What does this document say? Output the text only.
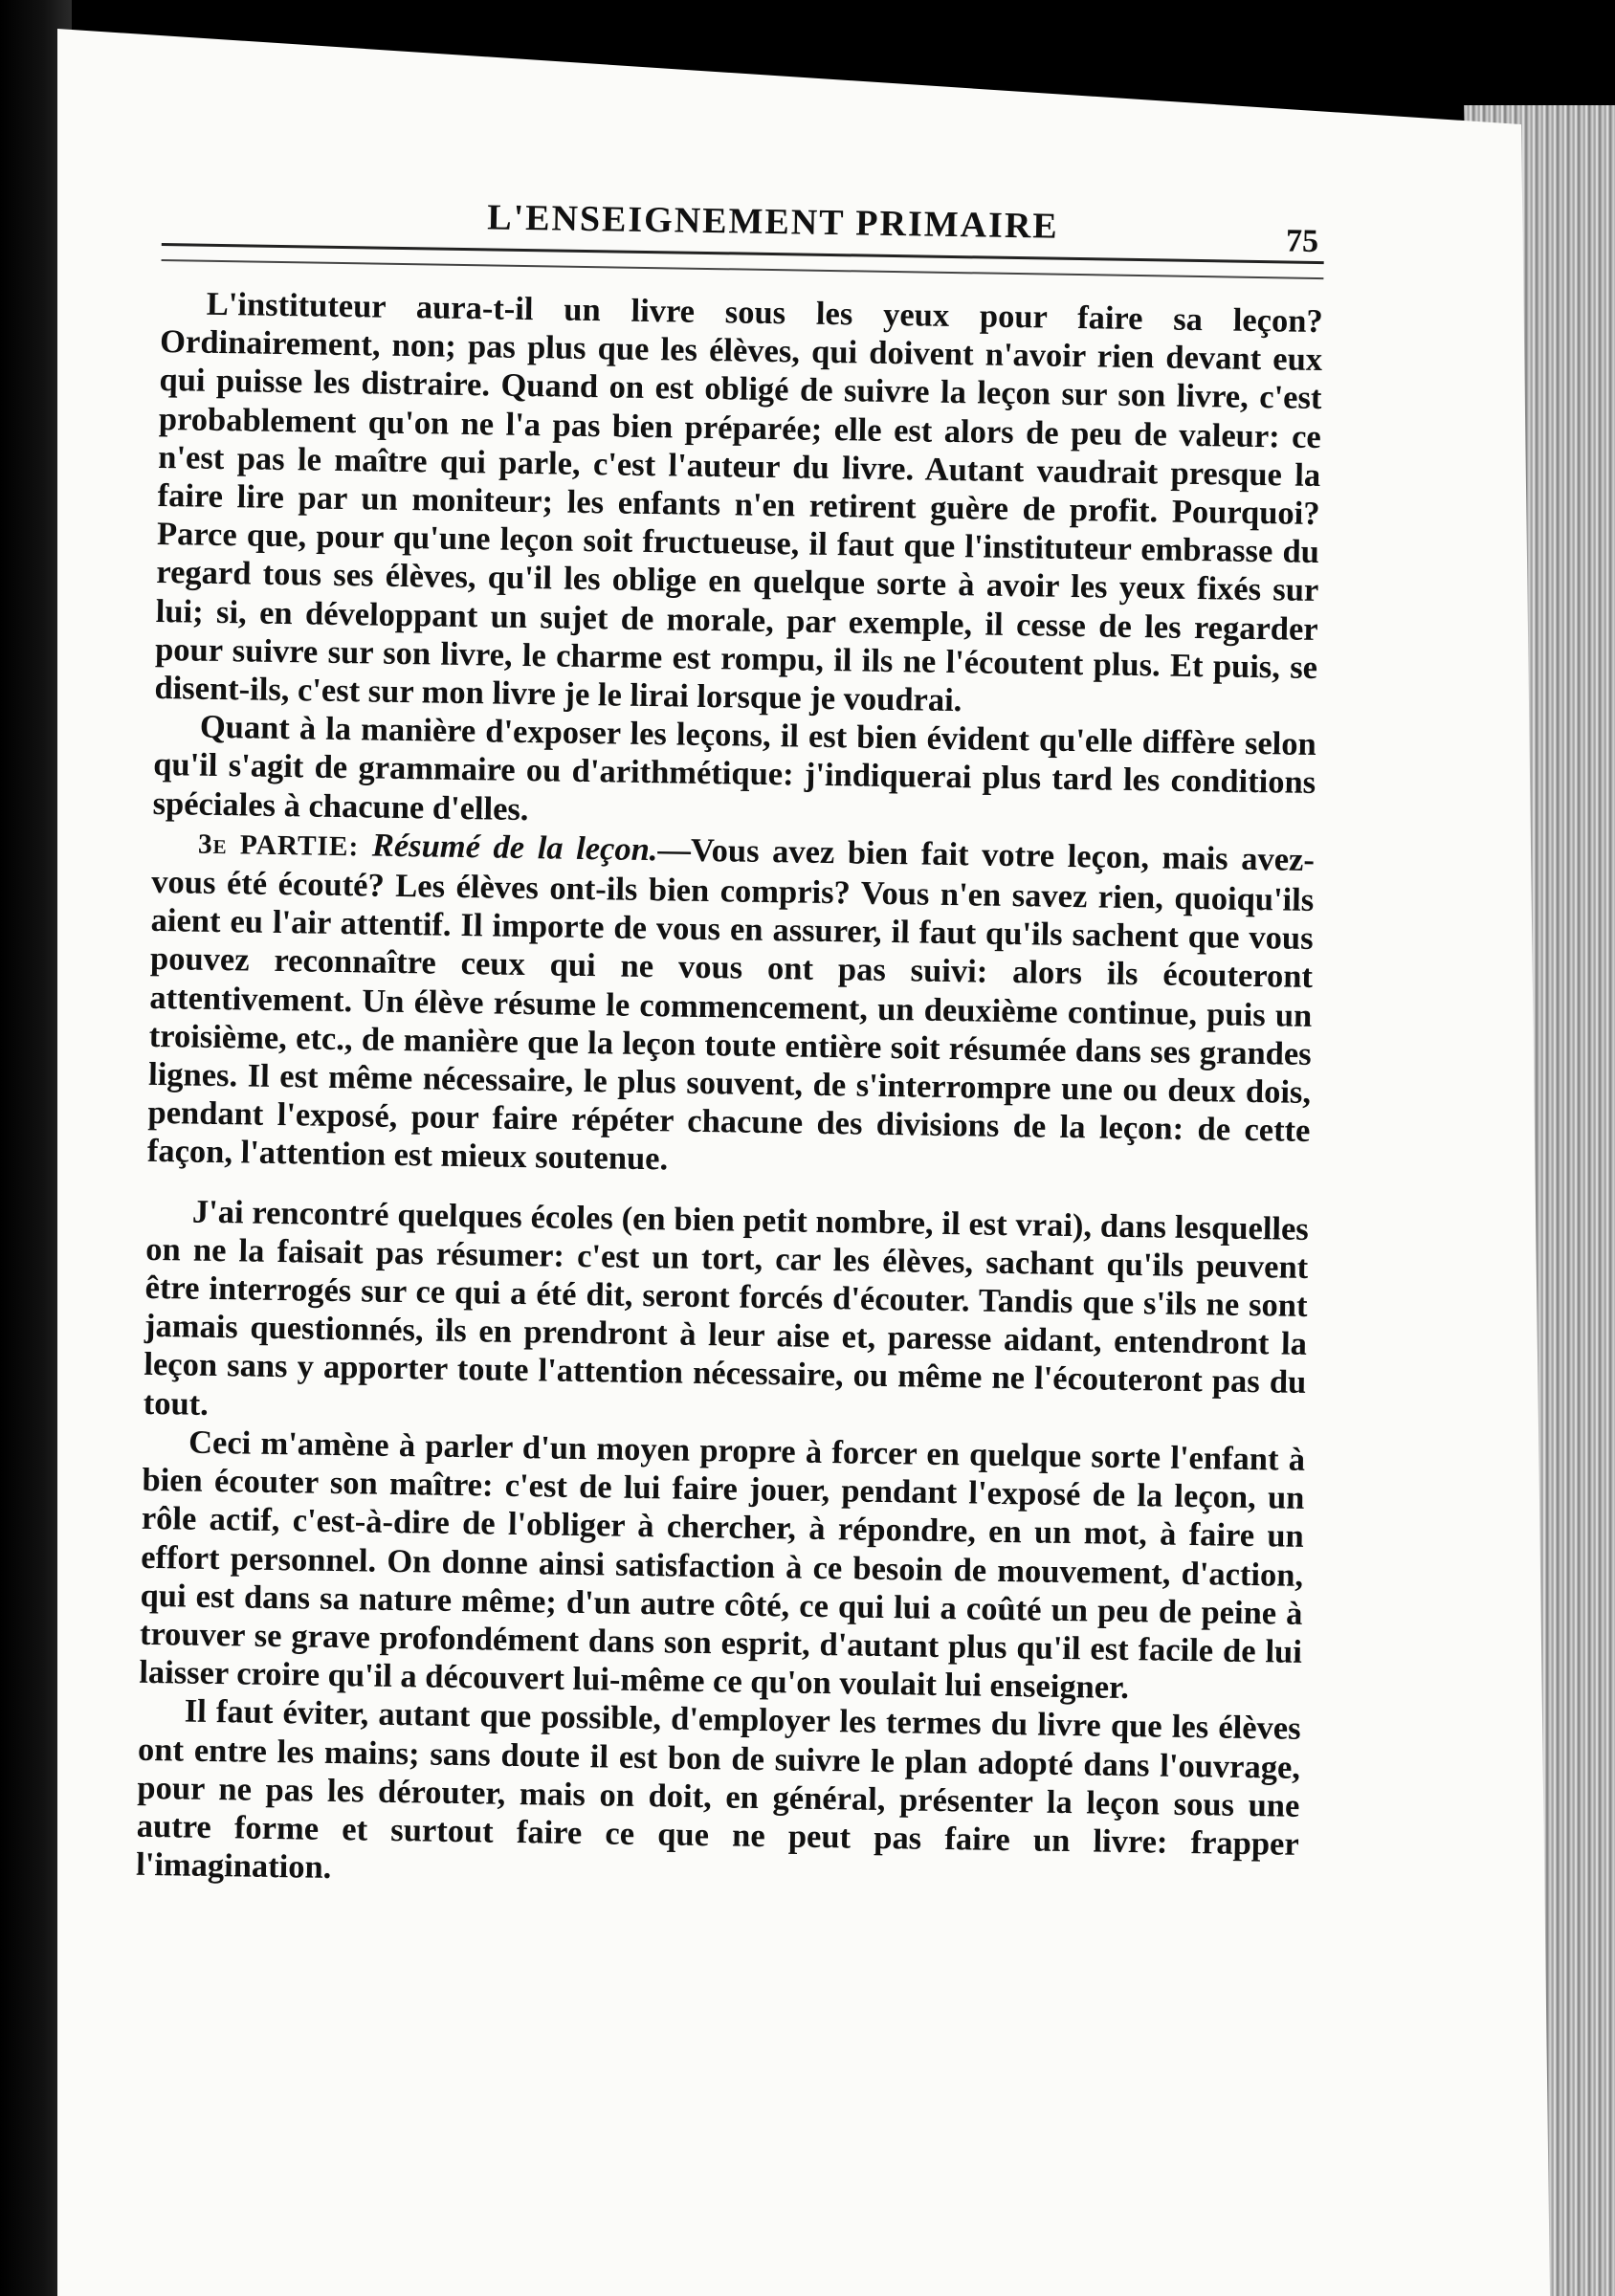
L'ENSEIGNEMENT PRIMAIRE	75

L'instituteur aura-t-il un livre sous les yeux pour faire sa leçon? Ordinairement, non; pas plus que les élèves, qui doivent n'avoir rien devant eux qui puisse les distraire. Quand on est obligé de suivre la leçon sur son livre, c'est probablement qu'on ne l'a pas bien préparée; elle est alors de peu de valeur: ce n'est pas le maître qui parle, c'est l'auteur du livre. Autant vaudrait presque la faire lire par un moniteur; les enfants n'en retirent guère de profit. Pourquoi? Parce que, pour qu'une leçon soit fructueuse, il faut que l'instituteur embrasse du regard tous ses élèves, qu'il les oblige en quelque sorte à avoir les yeux fixés sur lui; si, en développant un sujet de morale, par exemple, il cesse de les regarder pour suivre sur son livre, le charme est rompu, il ils ne l'écoutent plus. Et puis, se disent-ils, c'est sur mon livre je le lirai lorsque je voudrai.

Quant à la manière d'exposer les leçons, il est bien évident qu'elle diffère selon qu'il s'agit de grammaire ou d'arithmétique: j'indiquerai plus tard les conditions spéciales à chacune d'elles.

3e PARTIE: Résumé de la leçon.—Vous avez bien fait votre leçon, mais avez-vous été écouté? Les élèves ont-ils bien compris? Vous n'en savez rien, quoiqu'ils aient eu l'air attentif. Il importe de vous en assurer, il faut qu'ils sachent que vous pouvez reconnaître ceux qui ne vous ont pas suivi: alors ils écouteront attentivement. Un élève résume le commencement, un deuxième continue, puis un troisième, etc., de manière que la leçon toute entière soit résumée dans ses grandes lignes. Il est même nécessaire, le plus souvent, de s'interrompre une ou deux dois, pendant l'exposé, pour faire répéter chacune des divisions de la leçon: de cette façon, l'attention est mieux soutenue.

J'ai rencontré quelques écoles (en bien petit nombre, il est vrai), dans lesquelles on ne la faisait pas résumer: c'est un tort, car les élèves, sachant qu'ils peuvent être interrogés sur ce qui a été dit, seront forcés d'écouter. Tandis que s'ils ne sont jamais questionnés, ils en prendront à leur aise et, paresse aidant, entendront la leçon sans y apporter toute l'attention nécessaire, ou même ne l'écouteront pas du tout.

Ceci m'amène à parler d'un moyen propre à forcer en quelque sorte l'enfant à bien écouter son maître: c'est de lui faire jouer, pendant l'exposé de la leçon, un rôle actif, c'est-à-dire de l'obliger à chercher, à répondre, en un mot, à faire un effort personnel. On donne ainsi satisfaction à ce besoin de mouvement, d'action, qui est dans sa nature même; d'un autre côté, ce qui lui a coûté un peu de peine à trouver se grave profondément dans son esprit, d'autant plus qu'il est facile de lui laisser croire qu'il a découvert lui-même ce qu'on voulait lui enseigner.

Il faut éviter, autant que possible, d'employer les termes du livre que les élèves ont entre les mains; sans doute il est bon de suivre le plan adopté dans l'ouvrage, pour ne pas les dérouter, mais on doit, en général, présenter la leçon sous une autre forme et surtout faire ce que ne peut pas faire un livre: frapper l'imagination.
